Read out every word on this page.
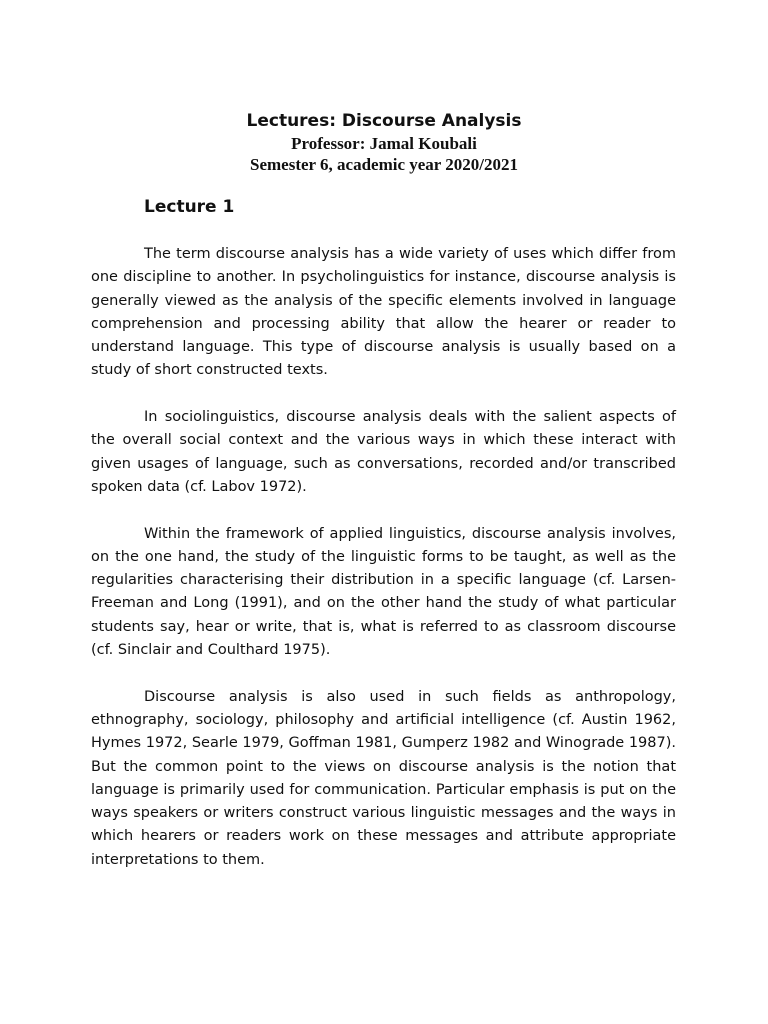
Lectures: Discourse Analysis

Professor: Jamal Koubali

Semester 6, academic year 2020/2021

Lecture 1

The term discourse analysis has a wide variety of uses which differ from one discipline to another. In psycholinguistics for instance, discourse analysis is generally viewed as the analysis of the specific elements involved in language comprehension and processing ability that allow the hearer or reader to understand language. This type of discourse analysis is usually based on a study of short constructed texts.

In sociolinguistics, discourse analysis deals with the salient aspects of the overall social context and the various ways in which these interact with given usages of language, such as conversations, recorded and/or transcribed spoken data (cf. Labov 1972).

Within the framework of applied linguistics, discourse analysis involves, on the one hand, the study of the linguistic forms to be taught, as well as the regularities characterising their distribution in a specific language (cf. Larsen-Freeman and Long (1991), and on the other hand the study of what particular students say, hear or write, that is, what is referred to as classroom discourse (cf. Sinclair and Coulthard 1975).

Discourse analysis is also used in such fields as anthropology, ethnography, sociology, philosophy and artificial intelligence (cf. Austin 1962, Hymes 1972, Searle 1979, Goffman 1981, Gumperz 1982 and Winograde 1987). But the common point to the views on discourse analysis is the notion that language is primarily used for communication. Particular emphasis is put on the ways speakers or writers construct various linguistic messages and the ways in which hearers or readers work on these messages and attribute appropriate interpretations to them.
